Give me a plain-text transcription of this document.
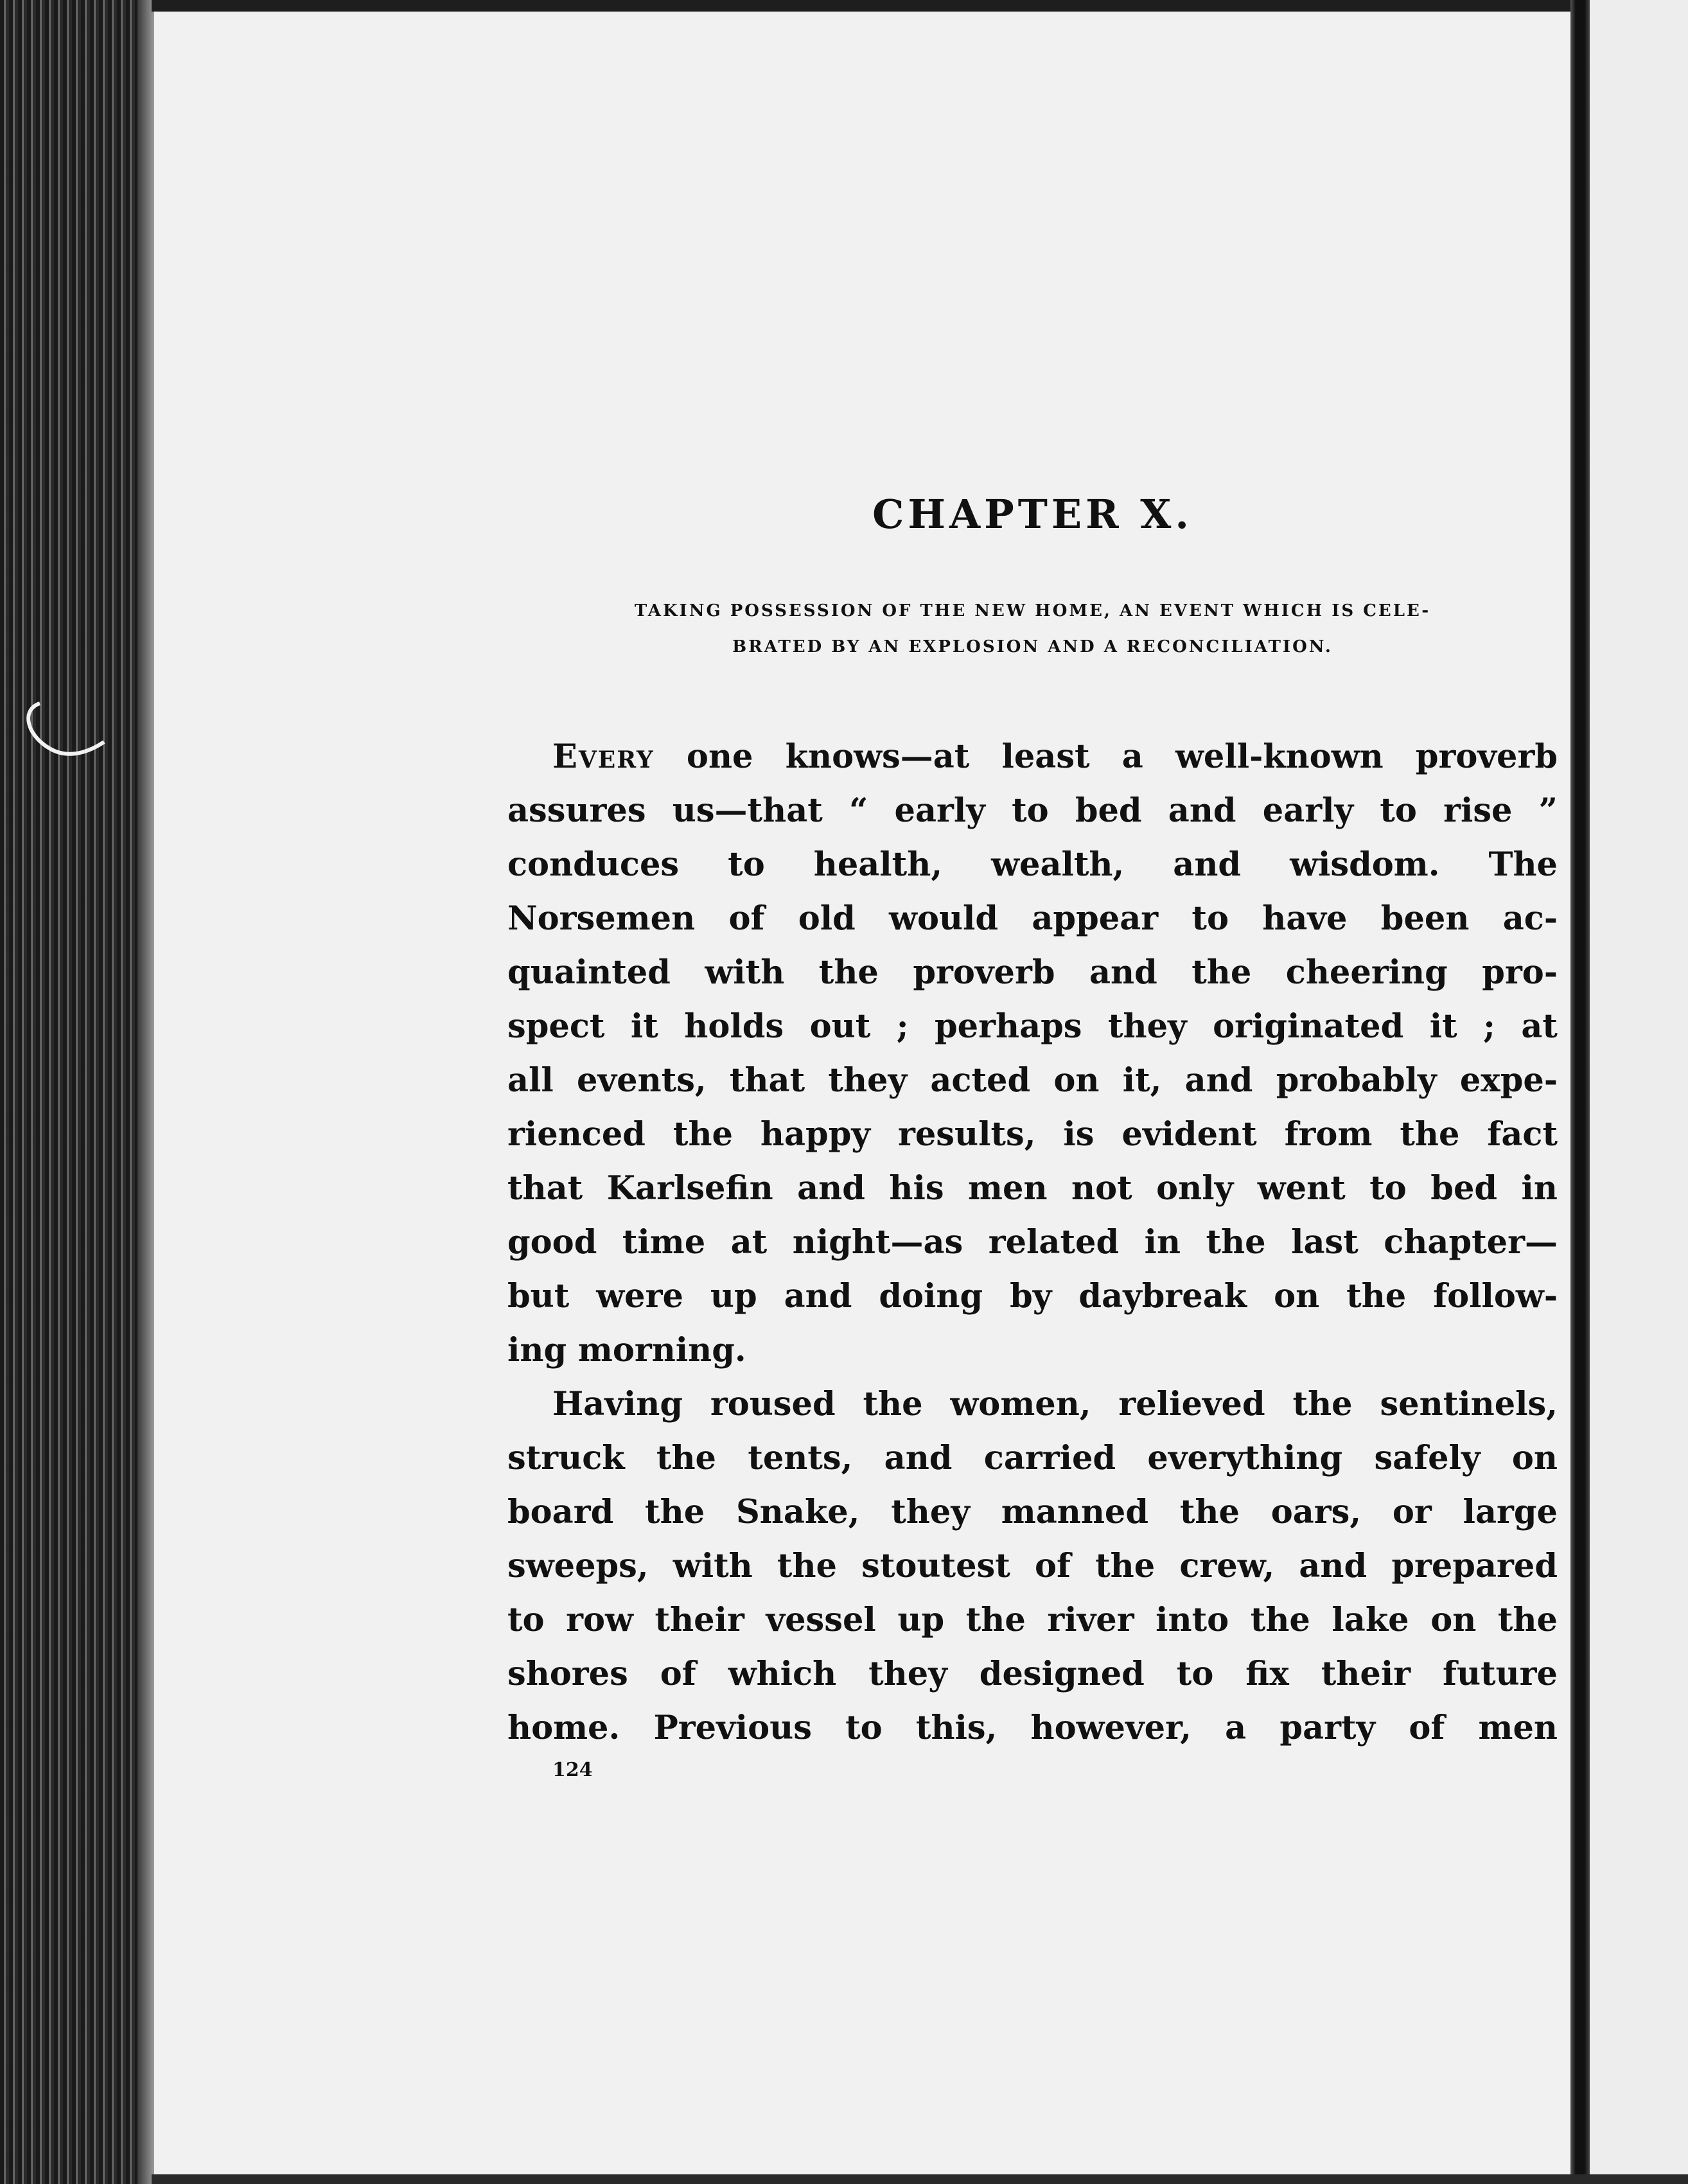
CHAPTER X.
TAKING POSSESSION OF THE NEW HOME, AN EVENT WHICH IS CELE-
BRATED BY AN EXPLOSION AND A RECONCILIATION.
Every one knows—at least a well-known proverb
assures us—that “ early to bed and early to rise ”
conduces to health, wealth, and wisdom. The
Norsemen of old would appear to have been ac-
quainted with the proverb and the cheering pro-
spect it holds out ; perhaps they originated it ; at
all events, that they acted on it, and probably expe-
rienced the happy results, is evident from the fact
that Karlsefin and his men not only went to bed in
good time at night—as related in the last chapter—
but were up and doing by daybreak on the follow-
ing morning.
Having roused the women, relieved the sentinels,
struck the tents, and carried everything safely on
board the Snake, they manned the oars, or large
sweeps, with the stoutest of the crew, and prepared
to row their vessel up the river into the lake on the
shores of which they designed to fix their future
home. Previous to this, however, a party of men
124
